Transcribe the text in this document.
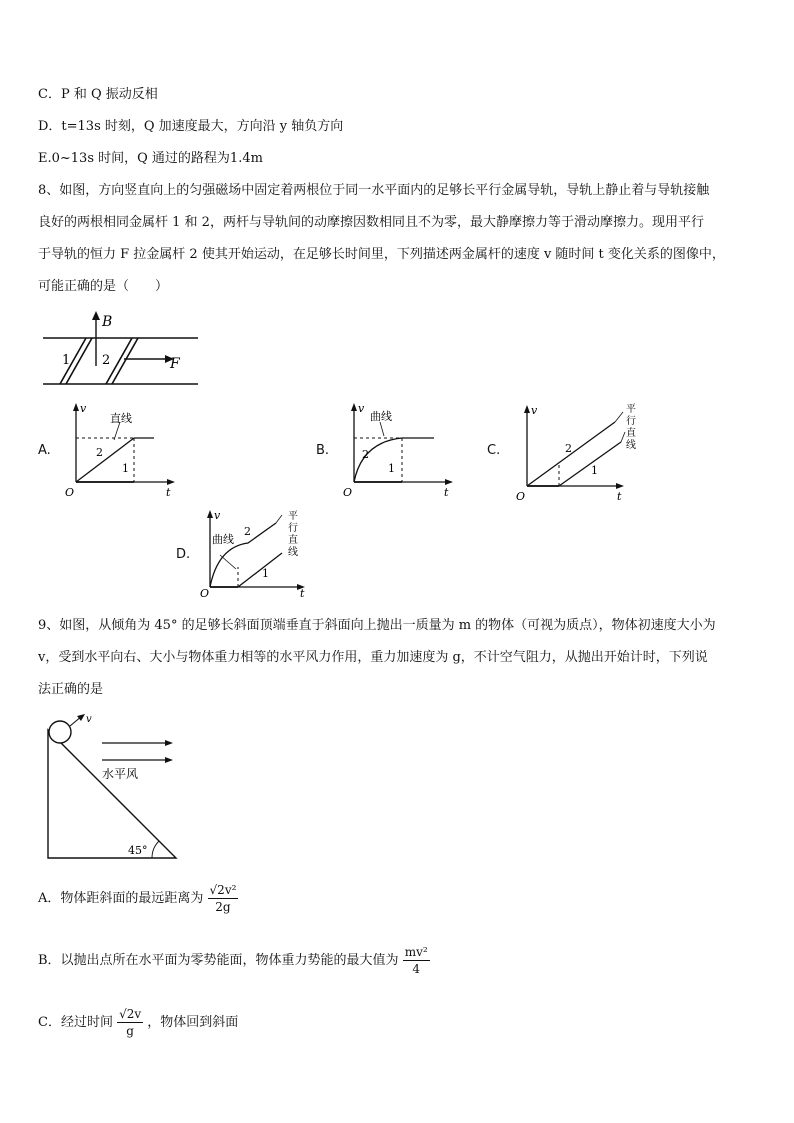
C．P 和 Q 振动反相
D．t=13s 时刻，Q 加速度最大，方向沿 y 轴负方向
E.0~13s 时间，Q 通过的路程为1.4m
8、如图，方向竖直向上的匀强磁场中固定着两根位于同一水平面内的足够长平行金属导轨，导轨上静止着与导轨接触
良好的两根相同金属杆 1 和 2，两杆与导轨间的动摩擦因数相同且不为零，最大静摩擦力等于滑动摩擦力。现用平行
于导轨的恒力 F 拉金属杆 2 使其开始运动，在足够长时间里，下列描述两金属杆的速度 v 随时间 t 变化关系的图像中，
可能正确的是（　　）
B
F
1 2
A.	B.	C.
D.
v
t
O
直线
2
1
v
t
O
曲线
2
1
v
t
O
2
1
平
行
直
线
v
t
O
曲线
2
1
平
行
直
线
9、如图，从倾角为 45° 的足够长斜面顶端垂直于斜面向上抛出一质量为 m 的物体（可视为质点），物体初速度大小为
v，受到水平向右、大小与物体重力相等的水平风力作用，重力加速度为 g，不计空气阻力，从抛出开始计时，下列说
法正确的是
v
水平风
45°
A．物体距斜面的最远距离为 $\frac{\text{√2v²}}{2g}$
B．以抛出点所在水平面为零势能面，物体重力势能的最大值为 $\frac{\text{mv²}}{4}$
C．经过时间 $\frac{√2v}{g}$ ，物体回到斜面
